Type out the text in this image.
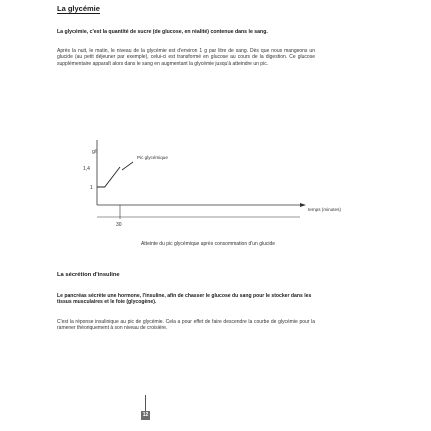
La glycémie
La glycémie, c'est la quantité de sucre (de glucose, en réalité) contenue dans le sang.
Après la nuit, le matin, le niveau de la glycémie est d'environ 1 g par litre de sang. Dès que nous mangeons un glucide (au petit déjeuner par exemple), celui-ci est transformé en glucose au cours de la digestion. Ce glucose supplémentaire apparaît alors dans le sang en augmentant la glycémie jusqu'à atteindre un pic.
g/l
1,4
1
30
temps (minutes)
Pic glycémique
Atteinte du pic glycémique après consommation d'un glucide
La sécrétion d'insuline
Le pancréas sécrète une hormone, l'insuline, afin de chasser le glucose du sang pour le stocker dans les tissus musculaires et le foie (glycogène).
C'est la réponse insulinique au pic de glycémie. Cela a pour effet de faire descendre la courbe de glycémie pour la ramener théoriquement à son niveau de croisière.
12
